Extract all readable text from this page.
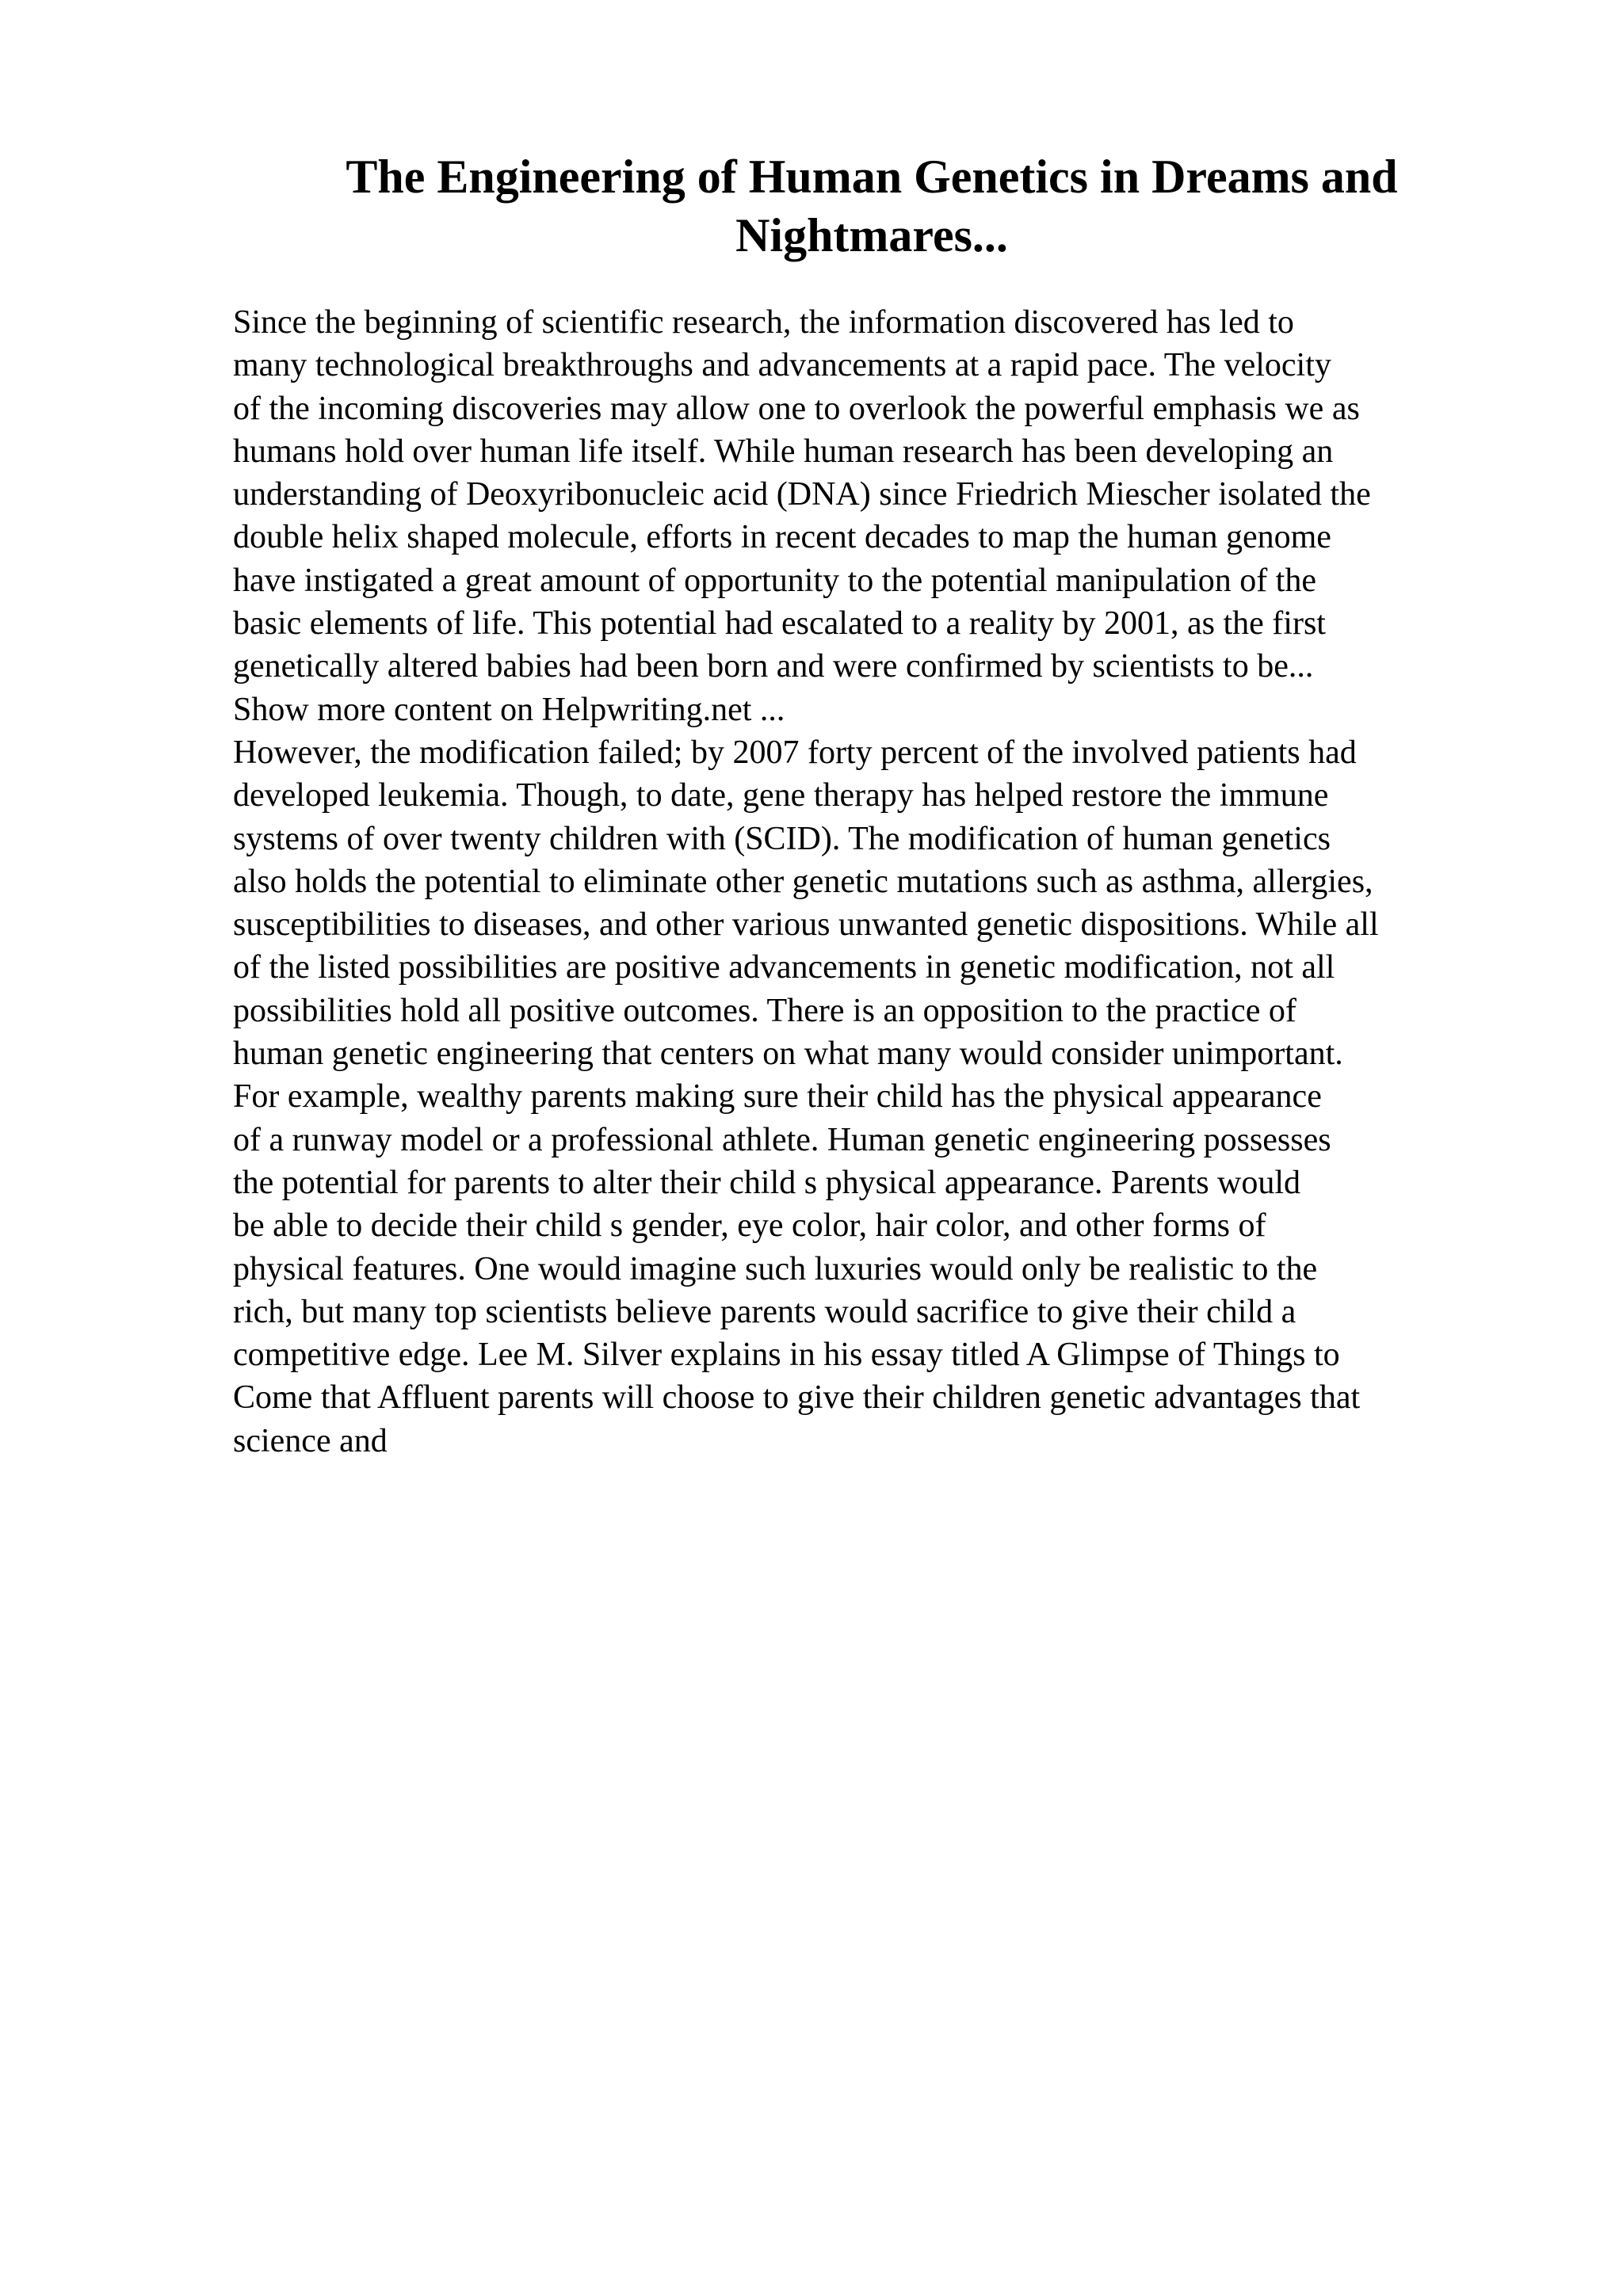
The Engineering of Human Genetics in Dreams and
Nightmares...
Since the beginning of scientific research, the information discovered has led to
many technological breakthroughs and advancements at a rapid pace. The velocity
of the incoming discoveries may allow one to overlook the powerful emphasis we as
humans hold over human life itself. While human research has been developing an
understanding of Deoxyribonucleic acid (DNA) since Friedrich Miescher isolated the
double helix shaped molecule, efforts in recent decades to map the human genome
have instigated a great amount of opportunity to the potential manipulation of the
basic elements of life. This potential had escalated to a reality by 2001, as the first
genetically altered babies had been born and were confirmed by scientists to be...
Show more content on Helpwriting.net ...
However, the modification failed; by 2007 forty percent of the involved patients had
developed leukemia. Though, to date, gene therapy has helped restore the immune
systems of over twenty children with (SCID). The modification of human genetics
also holds the potential to eliminate other genetic mutations such as asthma, allergies,
susceptibilities to diseases, and other various unwanted genetic dispositions. While all
of the listed possibilities are positive advancements in genetic modification, not all
possibilities hold all positive outcomes. There is an opposition to the practice of
human genetic engineering that centers on what many would consider unimportant.
For example, wealthy parents making sure their child has the physical appearance
of a runway model or a professional athlete. Human genetic engineering possesses
the potential for parents to alter their child s physical appearance. Parents would
be able to decide their child s gender, eye color, hair color, and other forms of
physical features. One would imagine such luxuries would only be realistic to the
rich, but many top scientists believe parents would sacrifice to give their child a
competitive edge. Lee M. Silver explains in his essay titled A Glimpse of Things to
Come that Affluent parents will choose to give their children genetic advantages that
science and
